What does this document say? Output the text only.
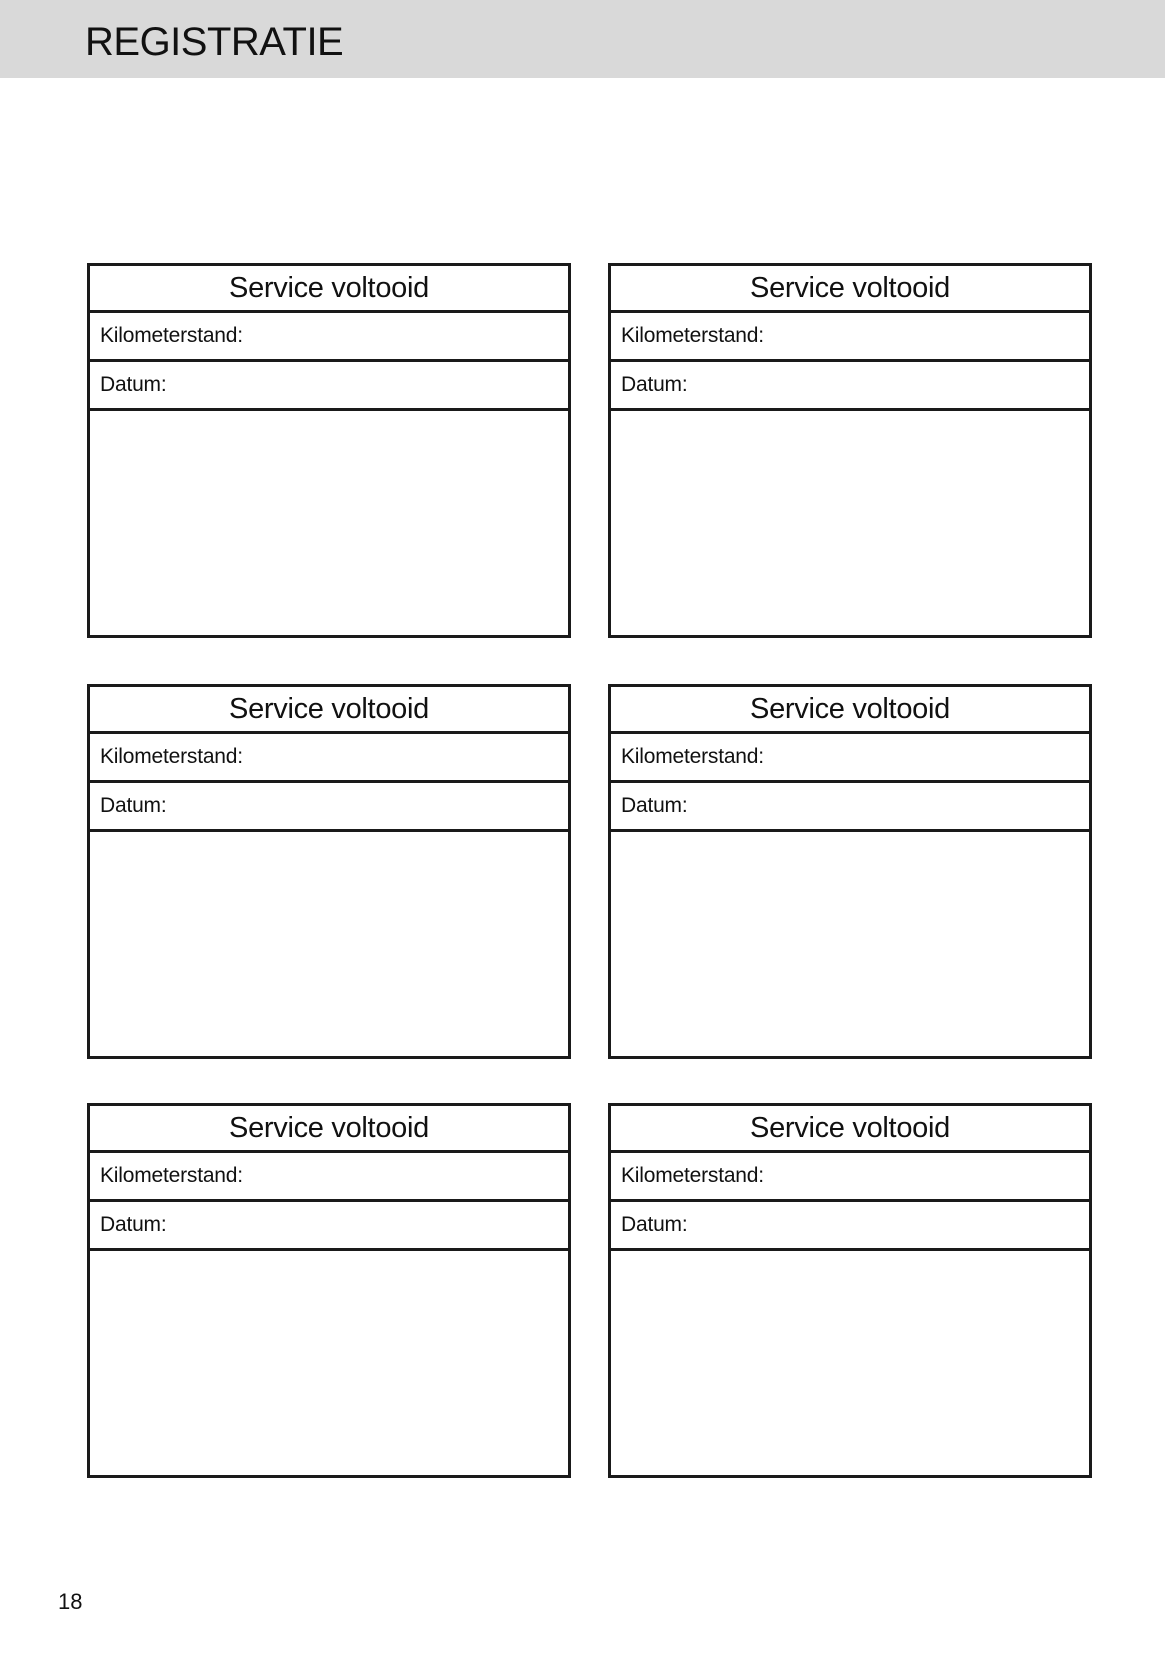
REGISTRATIE
Service voltooid
Kilometerstand:
Datum:
Service voltooid
Kilometerstand:
Datum:
Service voltooid
Kilometerstand:
Datum:
Service voltooid
Kilometerstand:
Datum:
Service voltooid
Kilometerstand:
Datum:
Service voltooid
Kilometerstand:
Datum:
18
